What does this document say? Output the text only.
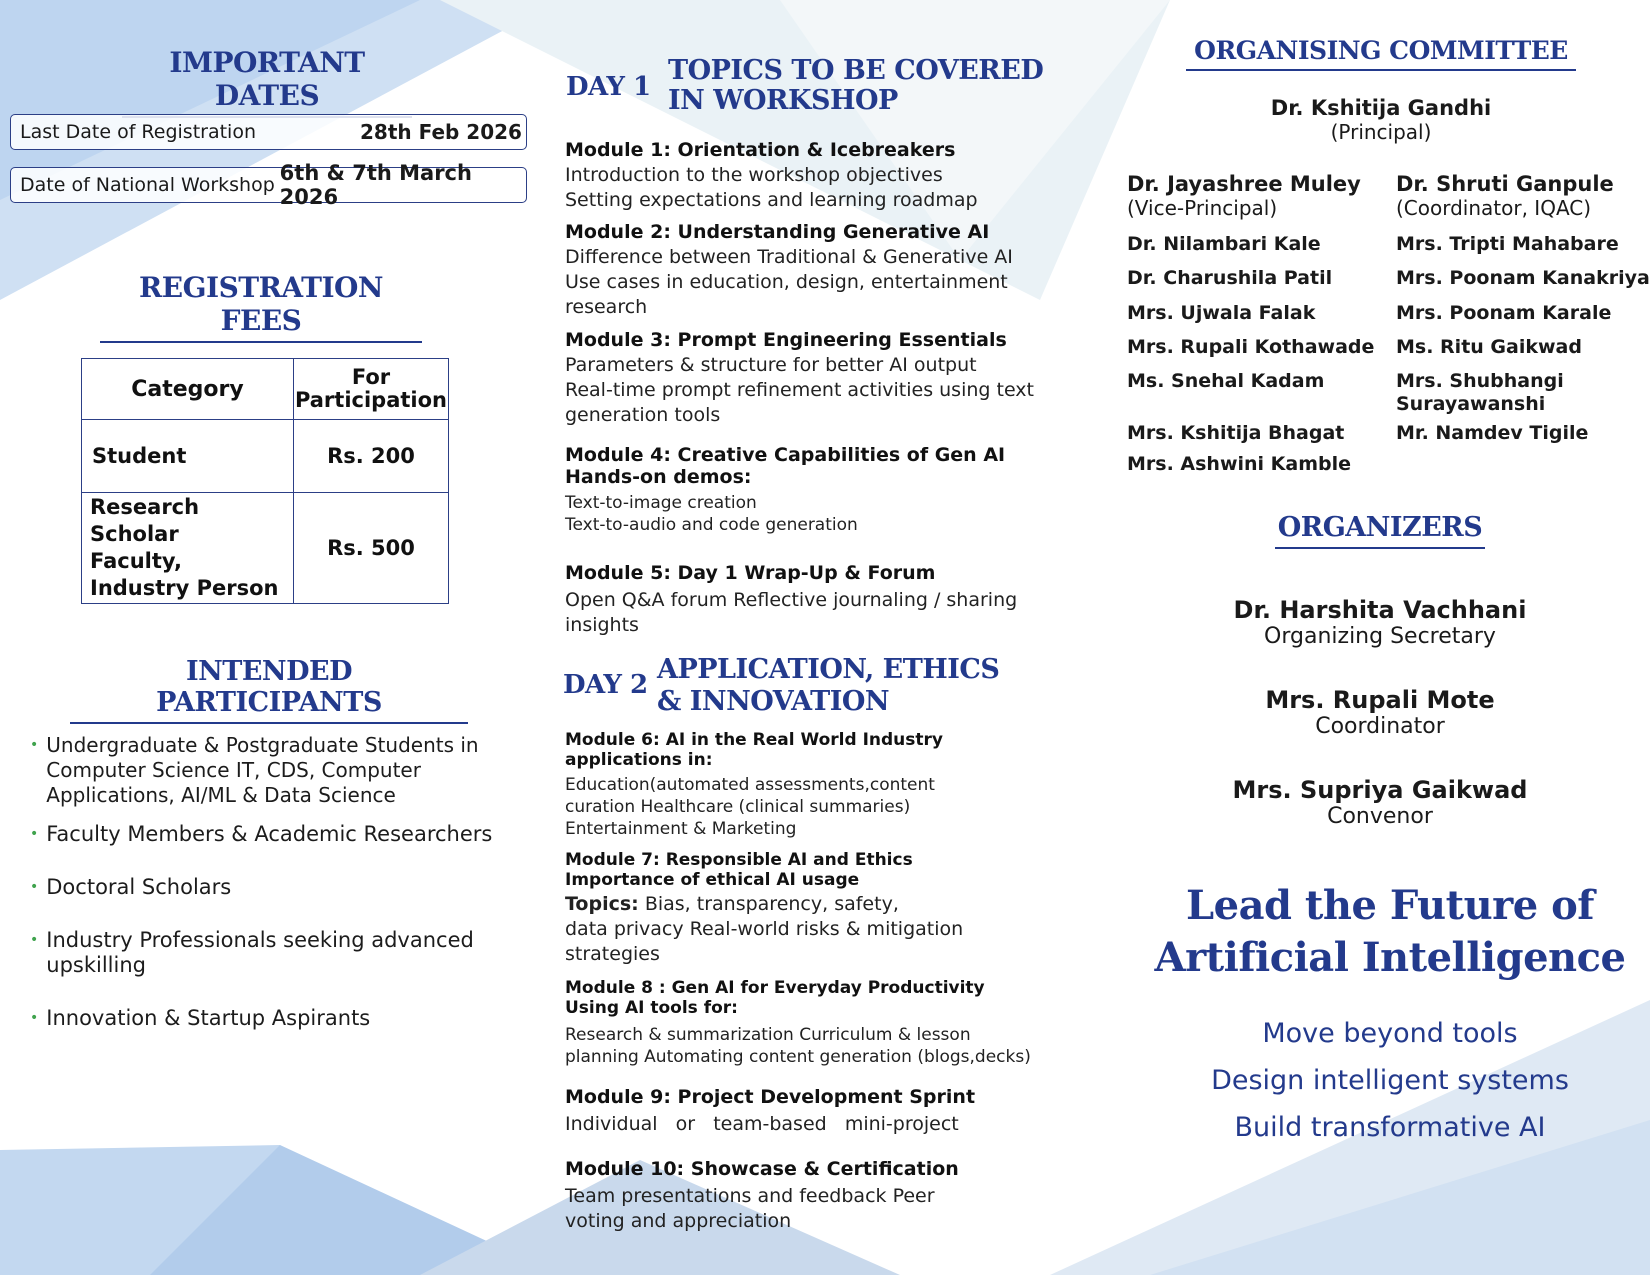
IMPORTANT DATES
Last Date of Registration	28th Feb 2026
Date of National Workshop 6th & 7th March 2026
REGISTRATION FEES
Category	For
Participation

Student	Rs. 200

Research Scholar
Faculty,
Industry Person	Rs. 500
INTENDED PARTICIPANTS
• Undergraduate & Postgraduate Students in
Computer Science IT, CDS, Computer
Applications, AI/ML & Data Science
• Faculty Members & Academic Researchers
• Doctoral Scholars
• Industry Professionals seeking advanced
upskilling
• Innovation & Startup Aspirants
DAY 1
TOPICS TO BE COVERED
IN WORKSHOP
Module 1: Orientation & Icebreakers
Introduction to the workshop objectives
Setting expectations and learning roadmap
Module 2: Understanding Generative AI
Difference between Traditional & Generative AI
Use cases in education, design, entertainment
research
Module 3: Prompt Engineering Essentials
Parameters & structure for better AI output
Real-time prompt refinement activities using text
generation tools
Module 4: Creative Capabilities of Gen AI
Hands-on demos:
Text-to-image creation
Text-to-audio and code generation
Module 5: Day 1 Wrap-Up & Forum
Open Q&A forum Reflective journaling / sharing
insights
DAY 2 APPLICATION, ETHICS
& INNOVATION
Module 6: AI in the Real World Industry
applications in:
Education(automated assessments,content
curation Healthcare (clinical summaries)
Entertainment & Marketing
Module 7: Responsible AI and Ethics
Importance of ethical AI usage
Topics: Bias, transparency, safety,
data privacy Real-world risks & mitigation
strategies
Module 8 : Gen AI for Everyday Productivity
Using AI tools for:
Research & summarization Curriculum & lesson
planning Automating content generation (blogs,decks)
Module 9: Project Development Sprint
Individual   or   team-based   mini-project
Module 10: Showcase & Certification
Team presentations and feedback Peer
voting and appreciation
ORGANISING COMMITTEE
Dr. Kshitija Gandhi
(Principal)
Dr. Jayashree Muley
(Vice-Principal)
Dr. Shruti Ganpule
(Coordinator, IQAC)
Dr. Nilambari Kale
Dr. Charushila Patil
Mrs. Ujwala Falak
Mrs. Rupali Kothawade
Ms. Snehal Kadam
Mrs. Kshitija Bhagat
Mrs. Ashwini Kamble
Mrs. Tripti Mahabare
Mrs. Poonam Kanakriya
Mrs. Poonam Karale
Ms. Ritu Gaikwad
Mrs. Shubhangi
Surayawanshi
Mr. Namdev Tigile
ORGANIZERS
Dr. Harshita Vachhani
Organizing Secretary
Mrs. Rupali Mote
Coordinator
Mrs. Supriya Gaikwad
Convenor
Lead the Future of
Artificial Intelligence
Move beyond tools
Design intelligent systems
Build transformative AI
